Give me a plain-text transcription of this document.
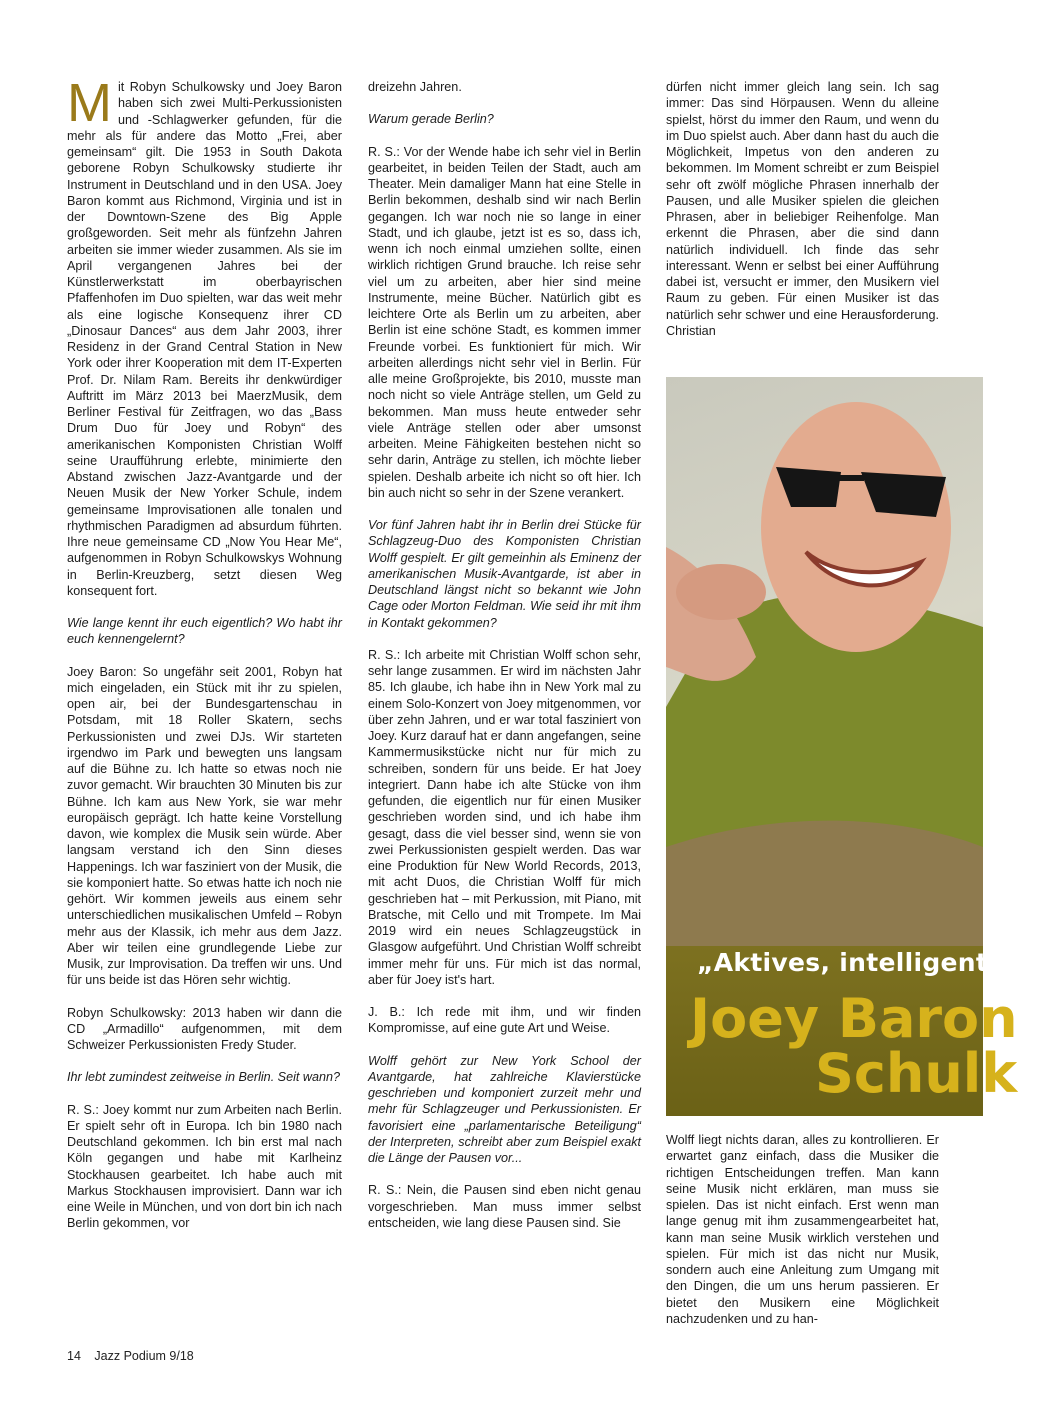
Mit Robyn Schulkowsky und Joey Baron haben sich zwei Multi-Perkussionisten und -Schlagwerker gefunden, für die mehr als für andere das Motto „Frei, aber gemeinsam“ gilt. Die 1953 in South Dakota geborene Robyn Schulkowsky studierte ihr Instrument in Deutschland und in den USA. Joey Baron kommt aus Richmond, Virginia und ist in der Downtown-Szene des Big Apple großgeworden. Seit mehr als fünfzehn Jahren arbeiten sie immer wieder zusammen. Als sie im April vergangenen Jahres bei der Künstlerwerkstatt im oberbayrischen Pfaffenhofen im Duo spielten, war das weit mehr als eine logische Konsequenz ihrer CD „Dinosaur Dances“ aus dem Jahr 2003, ihrer Residenz in der Grand Central Station in New York oder ihrer Kooperation mit dem IT-Experten Prof. Dr. Nilam Ram. Bereits ihr denkwürdiger Auftritt im März 2013 bei MaerzMusik, dem Berliner Festival für Zeitfragen, wo das „Bass Drum Duo für Joey und Robyn“ des amerikanischen Komponisten Christian Wolff seine Uraufführung erlebte, minimierte den Abstand zwischen Jazz-Avantgarde und der Neuen Musik der New Yorker Schule, indem gemeinsame Improvisationen alle tonalen und rhythmischen Paradigmen ad absurdum führten. Ihre neue gemeinsame CD „Now You Hear Me“, aufgenommen in Robyn Schulkowskys Wohnung in Berlin-Kreuzberg, setzt diesen Weg konsequent fort.

Wie lange kennt ihr euch eigentlich? Wo habt ihr euch kennengelernt?

Joey Baron: So ungefähr seit 2001, Robyn hat mich eingeladen, ein Stück mit ihr zu spielen, open air, bei der Bundesgartenschau in Potsdam, mit 18 Roller Skatern, sechs Perkussionisten und zwei DJs. Wir starteten irgendwo im Park und bewegten uns langsam auf die Bühne zu. Ich hatte so etwas noch nie zuvor gemacht. Wir brauchten 30 Minuten bis zur Bühne. Ich kam aus New York, sie war mehr europäisch geprägt. Ich hatte keine Vorstellung davon, wie komplex die Musik sein würde. Aber langsam verstand ich den Sinn dieses Happenings. Ich war fasziniert von der Musik, die sie komponiert hatte. So etwas hatte ich noch nie gehört. Wir kommen jeweils aus einem sehr unterschiedlichen musikalischen Umfeld – Robyn mehr aus der Klassik, ich mehr aus dem Jazz. Aber wir teilen eine grundlegende Liebe zur Musik, zur Improvisation. Da treffen wir uns. Und für uns beide ist das Hören sehr wichtig.

Robyn Schulkowsky: 2013 haben wir dann die CD „Armadillo“ aufgenommen, mit dem Schweizer Perkussionisten Fredy Studer.

Ihr lebt zumindest zeitweise in Berlin. Seit wann?

R. S.: Joey kommt nur zum Arbeiten nach Berlin. Er spielt sehr oft in Europa. Ich bin 1980 nach Deutschland gekommen. Ich bin erst mal nach Köln gegangen und habe mit Karlheinz Stockhausen gearbeitet. Ich habe auch mit Markus Stockhausen improvisiert. Dann war ich eine Weile in München, und von dort bin ich nach Berlin gekommen, vor

dreizehn Jahren.

Warum gerade Berlin?

R. S.: Vor der Wende habe ich sehr viel in Berlin gearbeitet, in beiden Teilen der Stadt, auch am Theater. Mein damaliger Mann hat eine Stelle in Berlin bekommen, deshalb sind wir nach Berlin gegangen. Ich war noch nie so lange in einer Stadt, und ich glaube, jetzt ist es so, dass ich, wenn ich noch einmal umziehen sollte, einen wirklich richtigen Grund brauche. Ich reise sehr viel um zu arbeiten, aber hier sind meine Instrumente, meine Bücher. Natürlich gibt es leichtere Orte als Berlin um zu arbeiten, aber Berlin ist eine schöne Stadt, es kommen immer Freunde vorbei. Es funktioniert für mich. Wir arbeiten allerdings nicht sehr viel in Berlin. Für alle meine Großprojekte, bis 2010, musste man noch nicht so viele Anträge stellen, um Geld zu bekommen. Man muss heute entweder sehr viele Anträge stellen oder aber umsonst arbeiten. Meine Fähigkeiten bestehen nicht so sehr darin, Anträge zu stellen, ich möchte lieber spielen. Deshalb arbeite ich nicht so oft hier. Ich bin auch nicht so sehr in der Szene verankert.

Vor fünf Jahren habt ihr in Berlin drei Stücke für Schlagzeug-Duo des Komponisten Christian Wolff gespielt. Er gilt gemeinhin als Eminenz der amerikanischen Musik-Avantgarde, ist aber in Deutschland längst nicht so bekannt wie John Cage oder Morton Feldman. Wie seid ihr mit ihm in Kontakt gekommen?

R. S.: Ich arbeite mit Christian Wolff schon sehr, sehr lange zusammen. Er wird im nächsten Jahr 85. Ich glaube, ich habe ihn in New York mal zu einem Solo-Konzert von Joey mitgenommen, vor über zehn Jahren, und er war total fasziniert von Joey. Kurz darauf hat er dann angefangen, seine Kammermusikstücke nicht nur für mich zu schreiben, sondern für uns beide. Er hat Joey integriert. Dann habe ich alte Stücke von ihm gefunden, die eigentlich nur für einen Musiker geschrieben worden sind, und ich habe ihm gesagt, dass die viel besser sind, wenn sie von zwei Perkussionisten gespielt werden. Das war eine Produktion für New World Records, 2013, mit acht Duos, die Christian Wolff für mich geschrieben hat – mit Perkussion, mit Piano, mit Bratsche, mit Cello und mit Trompete. Im Mai 2019 wird ein neues Schlagzeugstück in Glasgow aufgeführt. Und Christian Wolff schreibt immer mehr für uns. Für mich ist das normal, aber für Joey ist's hart.

J. B.: Ich rede mit ihm, und wir finden Kompromisse, auf eine gute Art und Weise.

Wolff gehört zur New York School der Avantgarde, hat zahlreiche Klavierstücke geschrieben und komponiert zurzeit mehr und mehr für Schlagzeuger und Perkussionisten. Er favorisiert eine „parlamentarische Beteiligung“ der Interpreten, schreibt aber zum Beispiel exakt die Länge der Pausen vor...

R. S.: Nein, die Pausen sind eben nicht genau vorgeschrieben. Man muss immer selbst entscheiden, wie lang diese Pausen sind. Sie

dürfen nicht immer gleich lang sein. Ich sag immer: Das sind Hörpausen. Wenn du alleine spielst, hörst du immer den Raum, und wenn du im Duo spielst auch. Aber dann hast du auch die Möglichkeit, Impetus von den anderen zu bekommen. Im Moment schreibt er zum Beispiel sehr oft zwölf mögliche Phrasen innerhalb der Pausen, und alle Musiker spielen die gleichen Phrasen, aber in beliebiger Reihenfolge. Man erkennt die Phrasen, aber die sind dann natürlich individuell. Ich finde das sehr interessant. Wenn er selbst bei einer Aufführung dabei ist, versucht er immer, den Musikern viel Raum zu geben. Für einen Musiker ist das natürlich sehr schwer und eine Herausforderung. Christian

„Aktives, intelligentes H
Joey Baron
Schulk

Wolff liegt nichts daran, alles zu kontrollieren. Er erwartet ganz einfach, dass die Musiker die richtigen Entscheidungen treffen. Man kann seine Musik nicht erklären, man muss sie spielen. Das ist nicht einfach. Erst wenn man lange genug mit ihm zusammengearbeitet hat, kann man seine Musik wirklich verstehen und spielen. Für mich ist das nicht nur Musik, sondern auch eine Anleitung zum Umgang mit den Dingen, die um uns herum passieren. Er bietet den Musikern eine Möglichkeit nachzudenken und zu han-

14 Jazz Podium 9/18
